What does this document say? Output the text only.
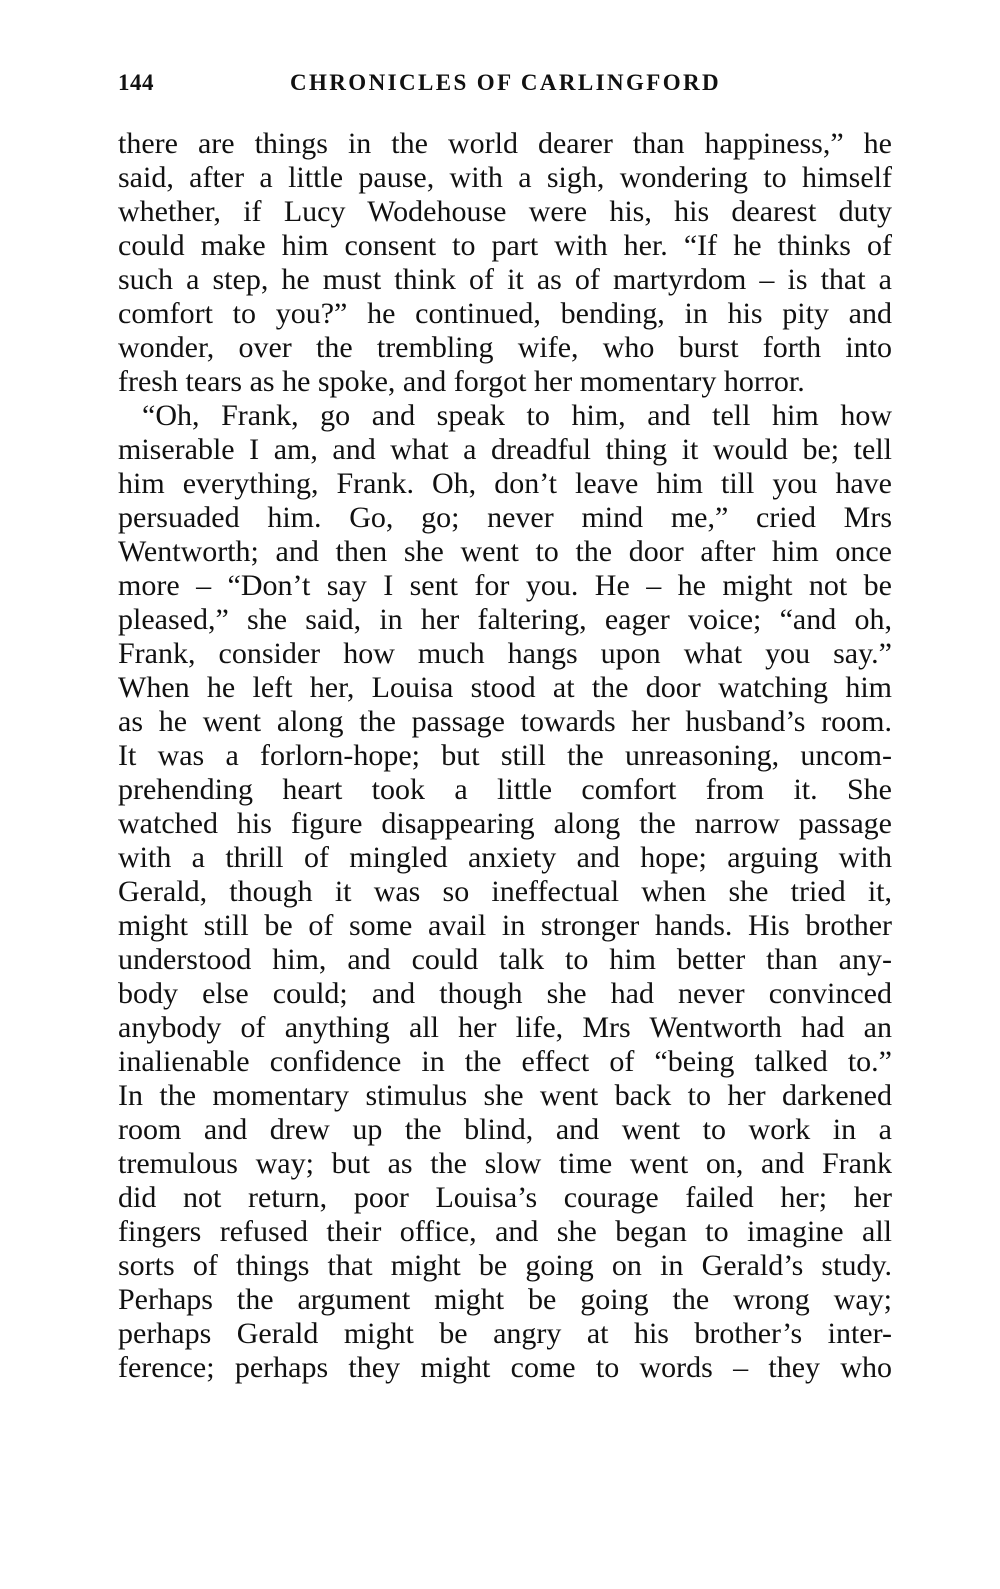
144	CHRONICLES OF CARLINGFORD
there are things in the world dearer than happiness,” he
said, after a little pause, with a sigh, wondering to himself
whether, if Lucy Wodehouse were his, his dearest duty
could make him consent to part with her. “If he thinks of
such a step, he must think of it as of martyrdom – is that a
comfort to you?” he continued, bending, in his pity and
wonder, over the trembling wife, who burst forth into
fresh tears as he spoke, and forgot her momentary horror.
“Oh, Frank, go and speak to him, and tell him how
miserable I am, and what a dreadful thing it would be; tell
him everything, Frank. Oh, don’t leave him till you have
persuaded him. Go, go; never mind me,” cried Mrs
Wentworth; and then she went to the door after him once
more – “Don’t say I sent for you. He – he might not be
pleased,” she said, in her faltering, eager voice; “and oh,
Frank, consider how much hangs upon what you say.”
When he left her, Louisa stood at the door watching him
as he went along the passage towards her husband’s room.
It was a forlorn-hope; but still the unreasoning, uncom-
prehending heart took a little comfort from it. She
watched his figure disappearing along the narrow passage
with a thrill of mingled anxiety and hope; arguing with
Gerald, though it was so ineffectual when she tried it,
might still be of some avail in stronger hands. His brother
understood him, and could talk to him better than any-
body else could; and though she had never convinced
anybody of anything all her life, Mrs Wentworth had an
inalienable confidence in the effect of “being talked to.”
In the momentary stimulus she went back to her darkened
room and drew up the blind, and went to work in a
tremulous way; but as the slow time went on, and Frank
did not return, poor Louisa’s courage failed her; her
fingers refused their office, and she began to imagine all
sorts of things that might be going on in Gerald’s study.
Perhaps the argument might be going the wrong way;
perhaps Gerald might be angry at his brother’s inter-
ference; perhaps they might come to words – they who
